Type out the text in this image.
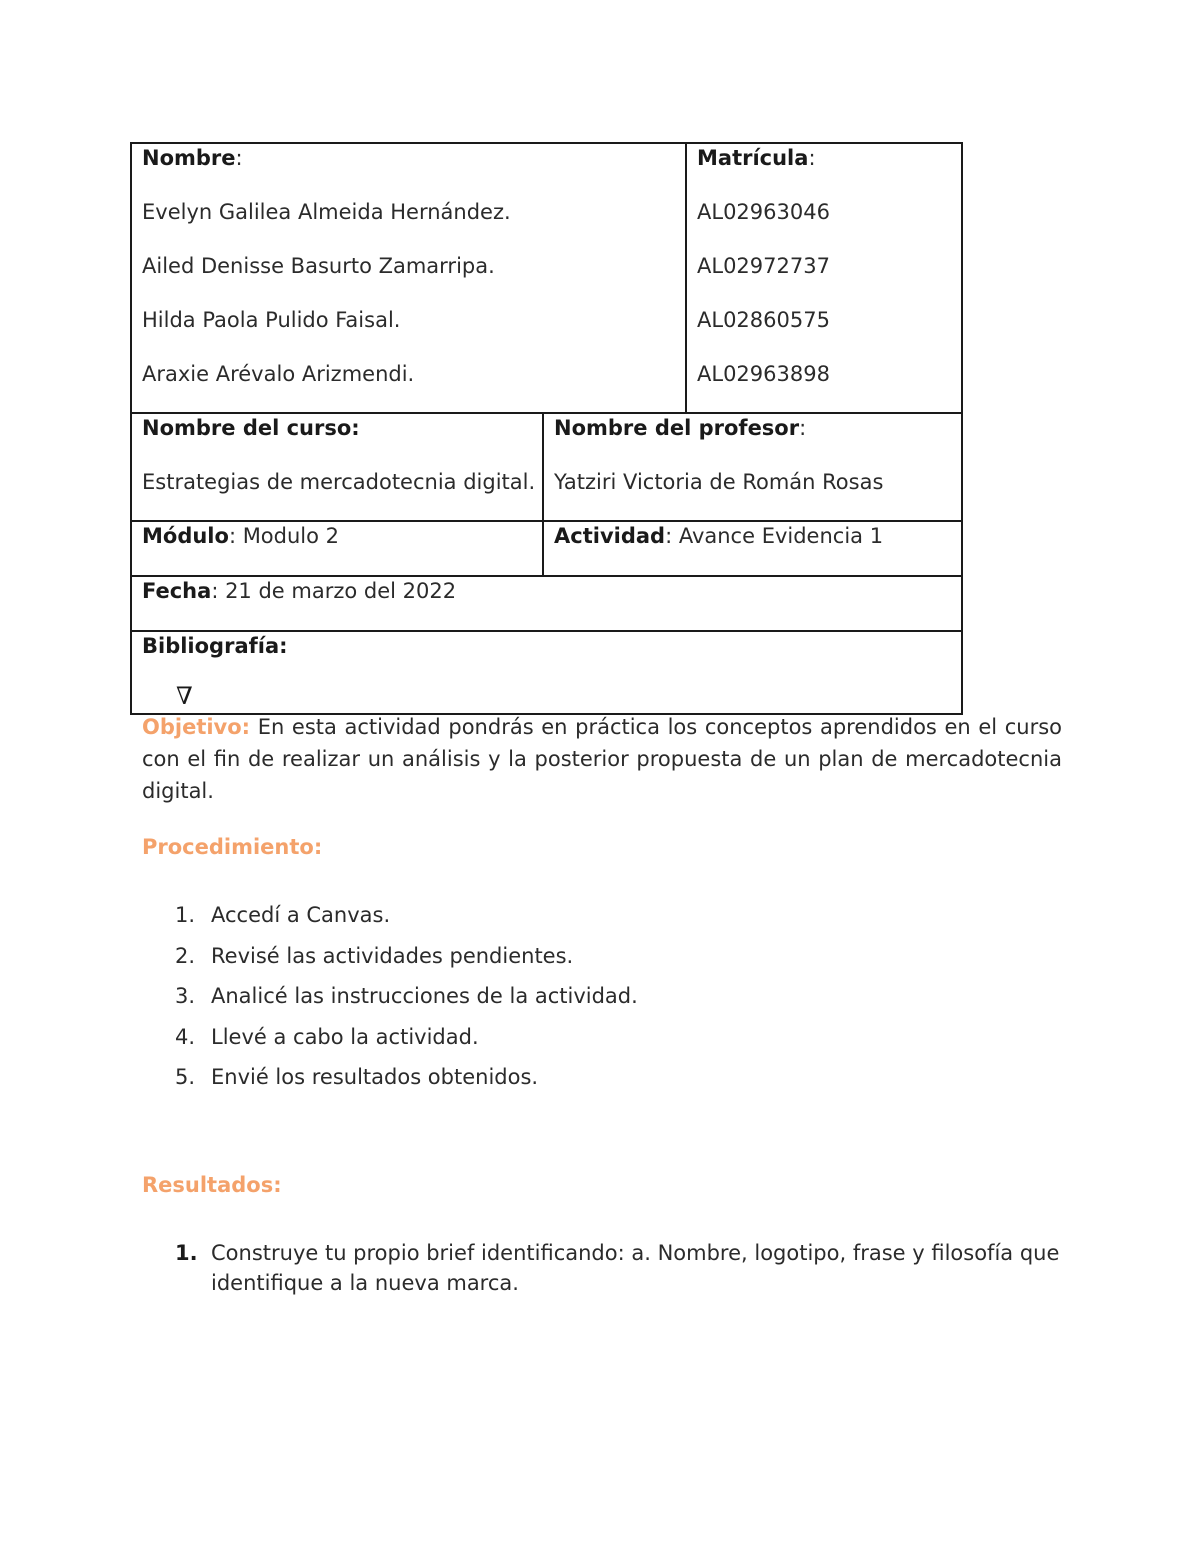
Nombre:
Evelyn Galilea Almeida Hernández.
Ailed Denisse Basurto Zamarripa.
Hilda Paola Pulido Faisal.
Araxie Arévalo Arizmendi.
Matrícula:
AL02963046
AL02972737
AL02860575
AL02963898
Nombre del curso:
Estrategias de mercadotecnia digital.
Nombre del profesor:
Yatziri Victoria de Román Rosas
Módulo: Modulo 2	Actividad: Avance Evidencia 1
Fecha: 21 de marzo del 2022
Bibliografía:
∇
Objetivo: En esta actividad pondrás en práctica los conceptos aprendidos en el curso con el fin de realizar un análisis y la posterior propuesta de un plan de mercadotecnia digital.
Procedimiento:
1. Accedí a Canvas.
2. Revisé las actividades pendientes.
3. Analicé las instrucciones de la actividad.
4. Llevé a cabo la actividad.
5. Envié los resultados obtenidos.
Resultados:
1. Construye tu propio brief identificando: a. Nombre, logotipo, frase y filosofía que identifique a la nueva marca.
